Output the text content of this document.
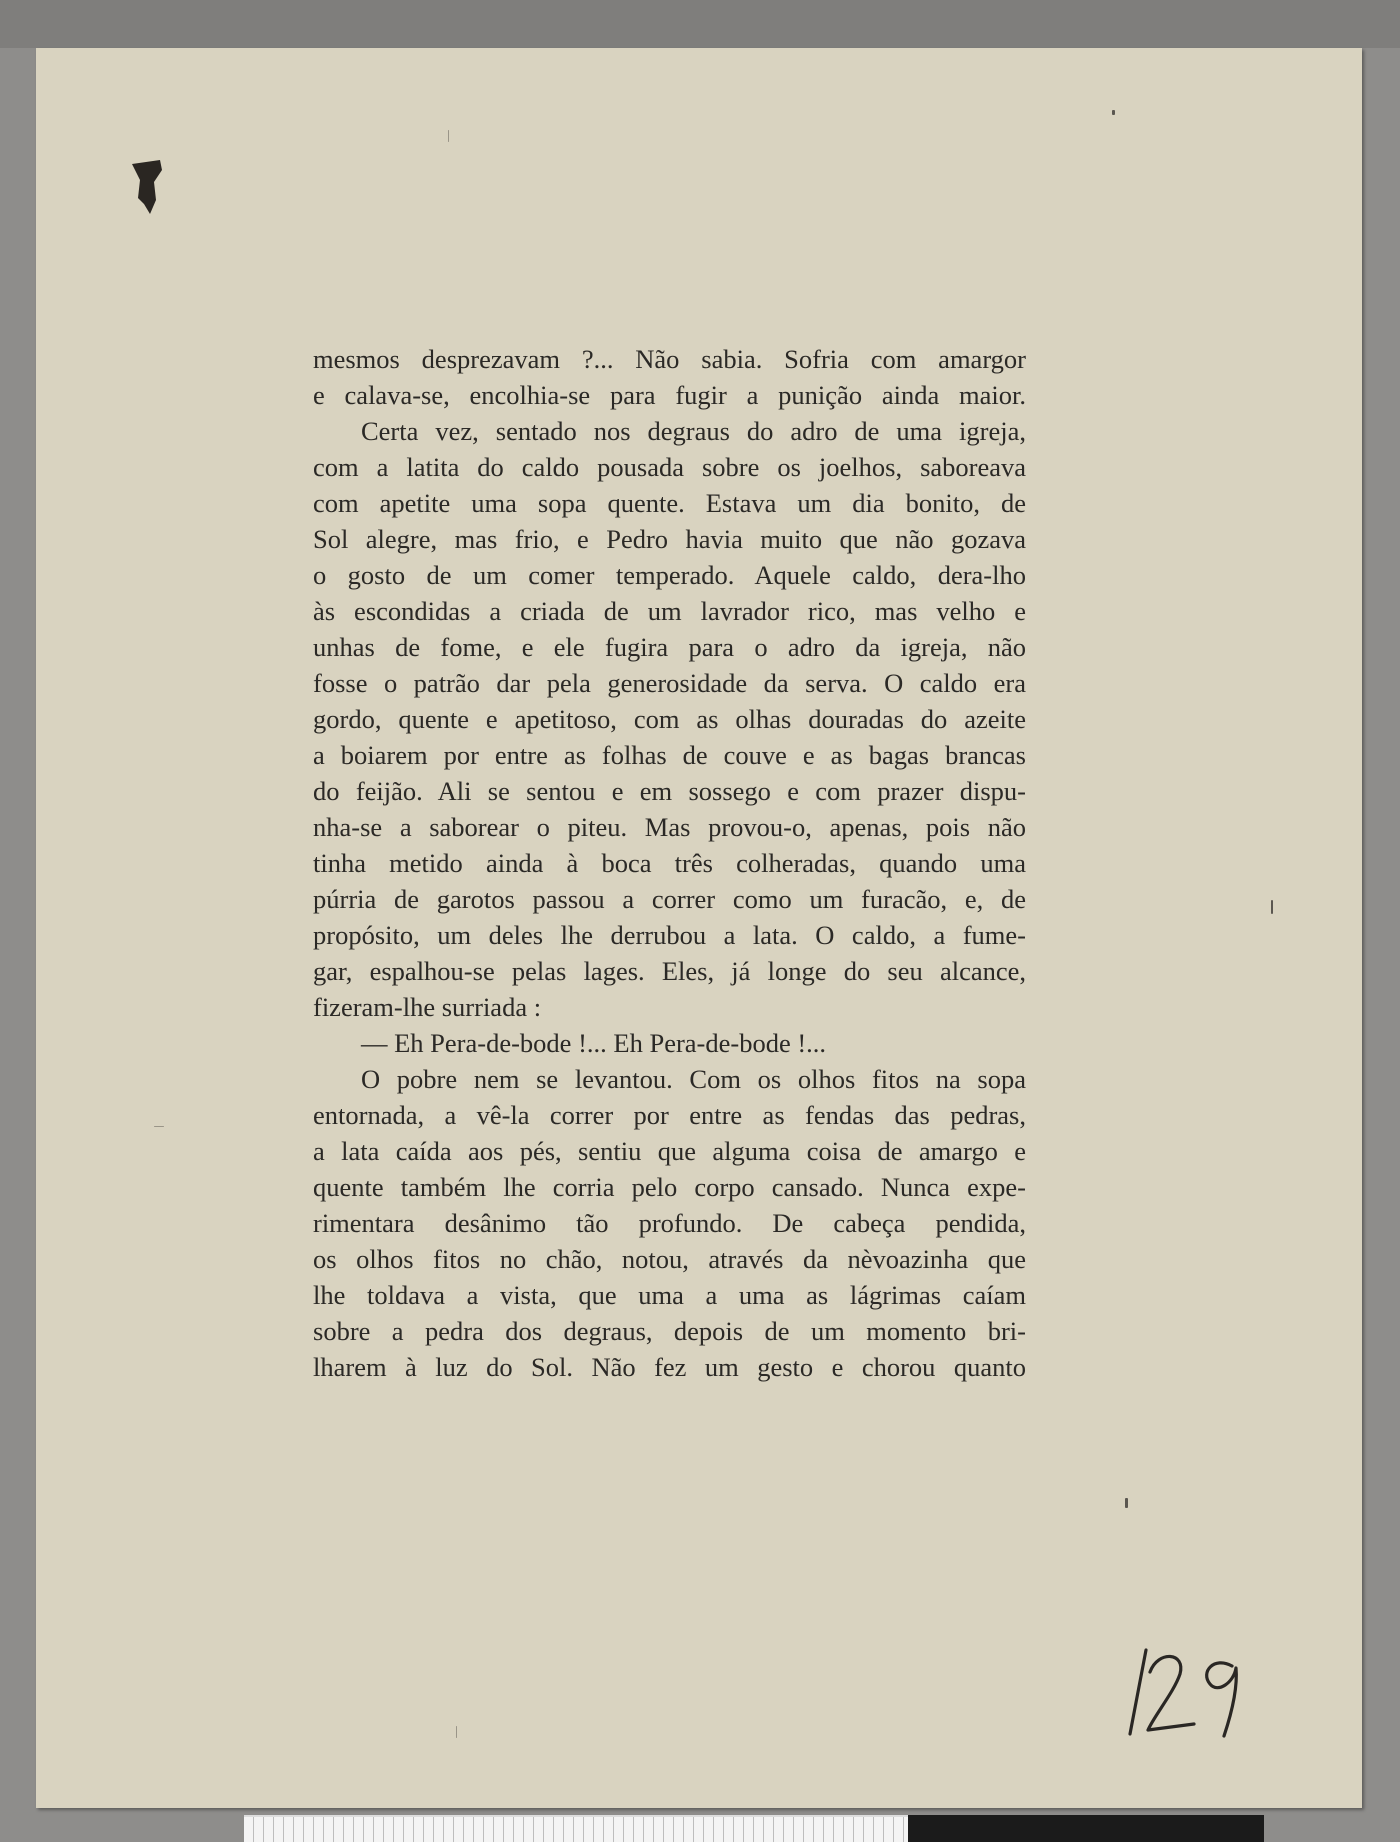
mesmos desprezavam ?... Não sabia. Sofria com amargor
e calava-se, encolhia-se para fugir a punição ainda maior.
Certa vez, sentado nos degraus do adro de uma igreja,
com a latita do caldo pousada sobre os joelhos, saboreava
com apetite uma sopa quente. Estava um dia bonito, de
Sol alegre, mas frio, e Pedro havia muito que não gozava
o gosto de um comer temperado. Aquele caldo, dera-lho
às escondidas a criada de um lavrador rico, mas velho e
unhas de fome, e ele fugira para o adro da igreja, não
fosse o patrão dar pela generosidade da serva. O caldo era
gordo, quente e apetitoso, com as olhas douradas do azeite
a boiarem por entre as folhas de couve e as bagas brancas
do feijão. Ali se sentou e em sossego e com prazer dispu-
nha-se a saborear o piteu. Mas provou-o, apenas, pois não
tinha metido ainda à boca três colheradas, quando uma
púrria de garotos passou a correr como um furacão, e, de
propósito, um deles lhe derrubou a lata. O caldo, a fume-
gar, espalhou-se pelas lages. Eles, já longe do seu alcance,
fizeram-lhe surriada :
— Eh Pera-de-bode !... Eh Pera-de-bode !...
O pobre nem se levantou. Com os olhos fitos na sopa
entornada, a vê-la correr por entre as fendas das pedras,
a lata caída aos pés, sentiu que alguma coisa de amargo e
quente também lhe corria pelo corpo cansado. Nunca expe-
rimentara desânimo tão profundo. De cabeça pendida,
os olhos fitos no chão, notou, através da nèvoazinha que
lhe toldava a vista, que uma a uma as lágrimas caíam
sobre a pedra dos degraus, depois de um momento bri-
lharem à luz do Sol. Não fez um gesto e chorou quanto
